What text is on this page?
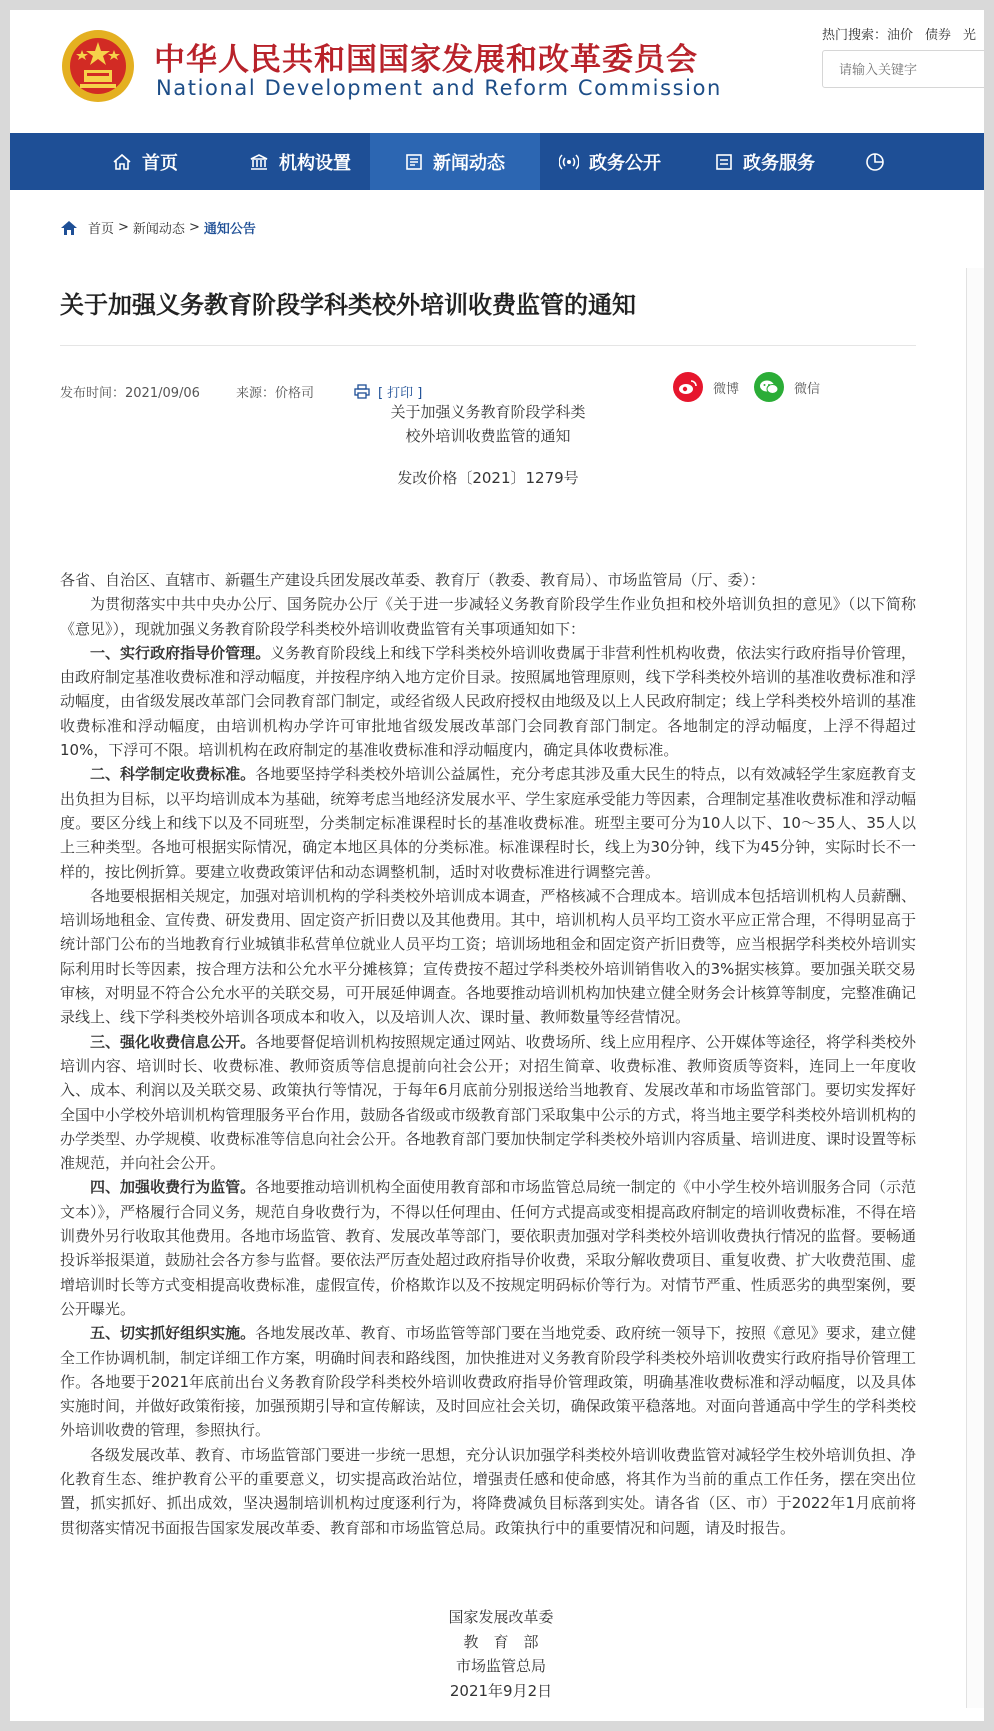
中华人民共和国国家发展和改革委员会
National Development and Reform Commission
热门搜索：油价 债券 光
请输入关键字
首页	机构设置	新闻动态	政务公开	政务服务
首页 > 新闻动态 > 通知公告
关于加强义务教育阶段学科类校外培训收费监管的通知
发布时间：2021/09/06	来源：价格司	[ 打印 ]	微博	微信
关于加强义务教育阶段学科类
校外培训收费监管的通知
发改价格〔2021〕1279号

各省、自治区、直辖市、新疆生产建设兵团发展改革委、教育厅（教委、教育局）、市场监管局（厅、委）：

为贯彻落实中共中央办公厅、国务院办公厅《关于进一步减轻义务教育阶段学生作业负担和校外培训负担的意见》（以下简称《意见》），现就加强义务教育阶段学科类校外培训收费监管有关事项通知如下：

一、实行政府指导价管理。义务教育阶段线上和线下学科类校外培训收费属于非营利性机构收费，依法实行政府指导价管理，由政府制定基准收费标准和浮动幅度，并按程序纳入地方定价目录。按照属地管理原则，线下学科类校外培训的基准收费标准和浮动幅度，由省级发展改革部门会同教育部门制定，或经省级人民政府授权由地级及以上人民政府制定；线上学科类校外培训的基准收费标准和浮动幅度，由培训机构办学许可审批地省级发展改革部门会同教育部门制定。各地制定的浮动幅度，上浮不得超过10%，下浮可不限。培训机构在政府制定的基准收费标准和浮动幅度内，确定具体收费标准。

二、科学制定收费标准。各地要坚持学科类校外培训公益属性，充分考虑其涉及重大民生的特点，以有效减轻学生家庭教育支出负担为目标，以平均培训成本为基础，统筹考虑当地经济发展水平、学生家庭承受能力等因素，合理制定基准收费标准和浮动幅度。要区分线上和线下以及不同班型，分类制定标准课程时长的基准收费标准。班型主要可分为10人以下、10～35人、35人以上三种类型。各地可根据实际情况，确定本地区具体的分类标准。标准课程时长，线上为30分钟，线下为45分钟，实际时长不一样的，按比例折算。要建立收费政策评估和动态调整机制，适时对收费标准进行调整完善。

各地要根据相关规定，加强对培训机构的学科类校外培训成本调查，严格核减不合理成本。培训成本包括培训机构人员薪酬、培训场地租金、宣传费、研发费用、固定资产折旧费以及其他费用。其中，培训机构人员平均工资水平应正常合理，不得明显高于统计部门公布的当地教育行业城镇非私营单位就业人员平均工资；培训场地租金和固定资产折旧费等，应当根据学科类校外培训实际利用时长等因素，按合理方法和公允水平分摊核算；宣传费按不超过学科类校外培训销售收入的3%据实核算。要加强关联交易审核，对明显不符合公允水平的关联交易，可开展延伸调查。各地要推动培训机构加快建立健全财务会计核算等制度，完整准确记录线上、线下学科类校外培训各项成本和收入，以及培训人次、课时量、教师数量等经营情况。

三、强化收费信息公开。各地要督促培训机构按照规定通过网站、收费场所、线上应用程序、公开媒体等途径，将学科类校外培训内容、培训时长、收费标准、教师资质等信息提前向社会公开；对招生简章、收费标准、教师资质等资料，连同上一年度收入、成本、利润以及关联交易、政策执行等情况，于每年6月底前分别报送给当地教育、发展改革和市场监管部门。要切实发挥好全国中小学校外培训机构管理服务平台作用，鼓励各省级或市级教育部门采取集中公示的方式，将当地主要学科类校外培训机构的办学类型、办学规模、收费标准等信息向社会公开。各地教育部门要加快制定学科类校外培训内容质量、培训进度、课时设置等标准规范，并向社会公开。

四、加强收费行为监管。各地要推动培训机构全面使用教育部和市场监管总局统一制定的《中小学生校外培训服务合同（示范文本）》，严格履行合同义务，规范自身收费行为，不得以任何理由、任何方式提高或变相提高政府制定的培训收费标准，不得在培训费外另行收取其他费用。各地市场监管、教育、发展改革等部门，要依职责加强对学科类校外培训收费执行情况的监督。要畅通投诉举报渠道，鼓励社会各方参与监督。要依法严厉查处超过政府指导价收费，采取分解收费项目、重复收费、扩大收费范围、虚增培训时长等方式变相提高收费标准，虚假宣传，价格欺诈以及不按规定明码标价等行为。对情节严重、性质恶劣的典型案例，要公开曝光。

五、切实抓好组织实施。各地发展改革、教育、市场监管等部门要在当地党委、政府统一领导下，按照《意见》要求，建立健全工作协调机制，制定详细工作方案，明确时间表和路线图，加快推进对义务教育阶段学科类校外培训收费实行政府指导价管理工作。各地要于2021年底前出台义务教育阶段学科类校外培训收费政府指导价管理政策，明确基准收费标准和浮动幅度，以及具体实施时间，并做好政策衔接，加强预期引导和宣传解读，及时回应社会关切，确保政策平稳落地。对面向普通高中学生的学科类校外培训收费的管理，参照执行。

各级发展改革、教育、市场监管部门要进一步统一思想，充分认识加强学科类校外培训收费监管对减轻学生校外培训负担、净化教育生态、维护教育公平的重要意义，切实提高政治站位，增强责任感和使命感，将其作为当前的重点工作任务，摆在突出位置，抓实抓好、抓出成效，坚决遏制培训机构过度逐利行为，将降费减负目标落到实处。请各省（区、市）于2022年1月底前将贯彻落实情况书面报告国家发展改革委、教育部和市场监管总局。政策执行中的重要情况和问题，请及时报告。

国家发展改革委
教　育　部
市场监管总局
2021年9月2日
